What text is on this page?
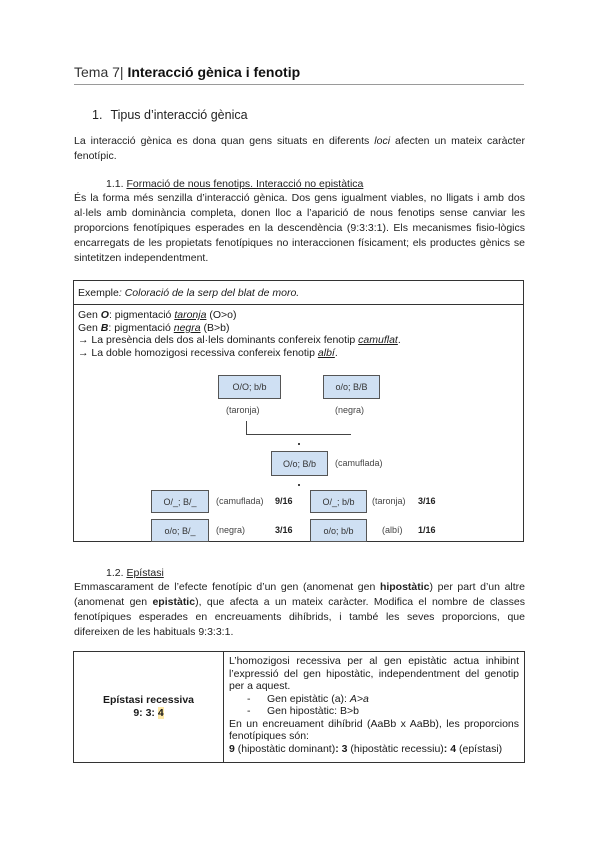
Tema 7| Interacció gènica i fenotip
1. Tipus d’interacció gènica
La interacció gènica es dona quan gens situats en diferents loci afecten un mateix caràcter fenotípic.
1.1. Formació de nous fenotips. Interacció no epistàtica
És la forma més senzilla d’interacció gènica. Dos gens igualment viables, no lligats i amb dos al·lels amb dominància completa, donen lloc a l’aparició de nous fenotips sense canviar les proporcions fenotípiques esperades en la descendència (9:3:3:1). Els mecanismes fisio-lògics encarregats de les propietats fenotípiques no interaccionen físicament; els productes gènics se sintetitzen independentment.
Exemple: Coloració de la serp del blat de moro.
Gen O: pigmentació taronja (O>o)
Gen B: pigmentació negra (B>b)
→ La presència dels dos al·lels dominants confereix fenotip camuflat.
→ La doble homozigosi recessiva confereix fenotip albí.
O/O; b/b
(taronja)
o/o; B/B
(negra)
O/o; B/b	(camuflada)
O/_; B/_	(camuflada) 9/16	O/_; b/b	(taronja) 3/16
o/o; B/_	(negra)	3/16	o/o; b/b	(albí) 1/16
1.2. Epístasi
Emmascarament de l’efecte fenotípic d’un gen (anomenat gen hipostàtic) per part d’un altre (anomenat gen epistàtic), que afecta a un mateix caràcter. Modifica el nombre de classes fenotípiques esperades en encreuaments dihíbrids, i també les seves proporcions, que difereixen de les habituals 9:3:3:1.
Epístasi recessiva
9: 3: 4
L’homozigosi recessiva per al gen epistàtic actua inhibint l’expressió del gen hipostàtic, independentment del genotip per a aquest.
- Gen epistàtic (a): A>a
- Gen hipostàtic: B>b
En un encreuament dihíbrid (AaBb x AaBb), les proporcions fenotípiques són:
9 (hipostàtic dominant): 3 (hipostàtic recessiu): 4 (epístasi)
